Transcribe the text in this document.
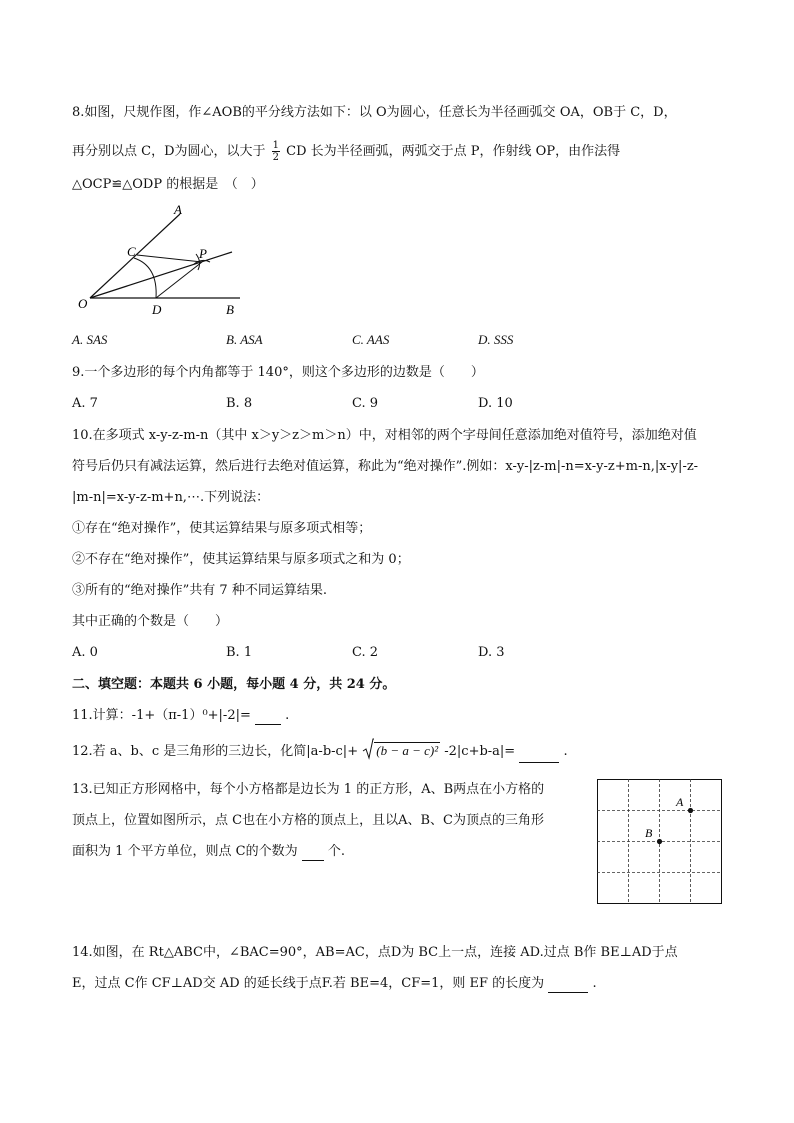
8.如图，尺规作图，作∠AOB的平分线方法如下：以 O为圆心，任意长为半径画弧交 OA，OB于 C，D，
再分别以点 C，D为圆心，以大于 $\frac{1}{2}$ CD 长为半径画弧，两弧交于点 P，作射线 OP，由作法得
△OCP≌△ODP 的根据是　（　）
A
C	P
O	D	B
A. SAS	B. ASA	C. AAS	D. SSS
9.一个多边形的每个内角都等于 140°，则这个多边形的边数是（　　）
A. 7	B. 8	C. 9	D. 10
10.在多项式 x-y-z-m-n（其中 x＞y＞z＞m＞n）中，对相邻的两个字母间任意添加绝对值符号，添加绝对值
符号后仍只有减法运算，然后进行去绝对值运算，称此为“绝对操作”.例如：x-y-|z-m|-n=x-y-z+m-n,|x-y|-z-
|m-n|=x-y-z-m+n,⋯.下列说法：
①存在“绝对操作”，使其运算结果与原多项式相等；
②不存在“绝对操作”，使其运算结果与原多项式之和为 0；
③所有的“绝对操作”共有 7 种不同运算结果.
其中正确的个数是（　　）
A. 0	B. 1	C. 2	D. 3
二、填空题：本题共 6 小题，每小题 4 分，共 24 分。
11.计算：-1+（π-1）⁰+|-2|=	.
12.若 a、b、c 是三角形的三边长，化简|a-b-c|+ (b − a − c)² -2|c+b-a|=	.
13.已知正方形网格中，每个小方格都是边长为 1 的正方形，A、B两点在小方格的
顶点上，位置如图所示，点 C也在小方格的顶点上，且以A、B、C为顶点的三角形
面积为 1 个平方单位，则点 C的个数为 个.
A
B
14.如图，在 Rt△ABC中，∠BAC=90°，AB=AC，点D为 BC上一点，连接 AD.过点 B作 BE⊥AD于点
E，过点 C作 CF⊥AD交 AD 的延长线于点F.若 BE=4，CF=1，则 EF 的长度为	.
